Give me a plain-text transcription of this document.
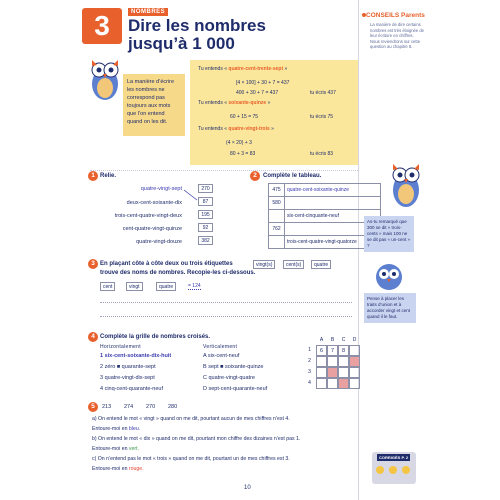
3	NOMBRES
Dire les nombres
jusqu’à 1 000
CONSEILS Parents
La manière de dire certains nombres est très éloignée de leur écriture en chiffres. Nous reviendrons sur cette question au chapitre 8.
La manière d’écrire les nombres ne correspond pas toujours aux mots que l’on entend quand on les dit.
Tu entends « quatre-cent-trente-sept »
[4 × 100] + 30 + 7 = 437
400 + 30 + 7 = 437	tu écris 437
Tu entends « soixante-quinze »
60 + 15 = 75	tu écris 75
Tu entends « quatre-vingt-trois »
(4 × 20) + 3
80 + 3 = 83	tu écris 83
1 Relie.
quatre-vingt-sept
deux-cent-soixante-dix
trois-cent-quatre-vingt-deux
cent-quatre-vingt-quinze
quatre-vingt-douze
270
87
195
92
382
2	Complète le tableau.
475	quatre-cent-soixante-quinze
580	
	six-cent-cinquante-neuf
762	
	trois-cent-quatre-vingt-quatorze
As-tu remarqué que 300 se dit « trois-cents » mais 100 ne se dit pas « un-cent » ?
3 En plaçant côte à côte deux ou trois étiquettes
trouve des noms de nombres. Recopie-les ci-dessous.
vingt(s)	cent(s)	quatre
cent	vingt	quatre	= 124
Pense à placer les traits d’union et à accorder vingt et cent quand il le faut.
4 Complète la grille de nombres croisés.
Horizontalement	Verticalement
1 six-cent-soixante-dix-huit
2 zéro ■ quarante-sept
3 quatre-vingt-dix-sept
4 cinq-cent-quarante-neuf
A six-cent-neuf
B sept ■ soixante-quinze
C quatre-vingt-quatre
D sept-cent-quarante-neuf
A	B	C	D
1	6	7	8
2
3
4
5	213 274 270 280
a) On entend le mot « vingt » quand on me dit, pourtant aucun de mes chiffres n’est 4.
Entoure-moi en bleu.
b) On entend le mot « dix » quand on me dit, pourtant mon chiffre des dizaines n’est pas 1.
Entoure-moi en vert.
c) On n’entend pas le mot « trois » quand on me dit, pourtant un de mes chiffres est 3.
Entoure-moi en rouge.
CORRIGÉS P. 2
10
